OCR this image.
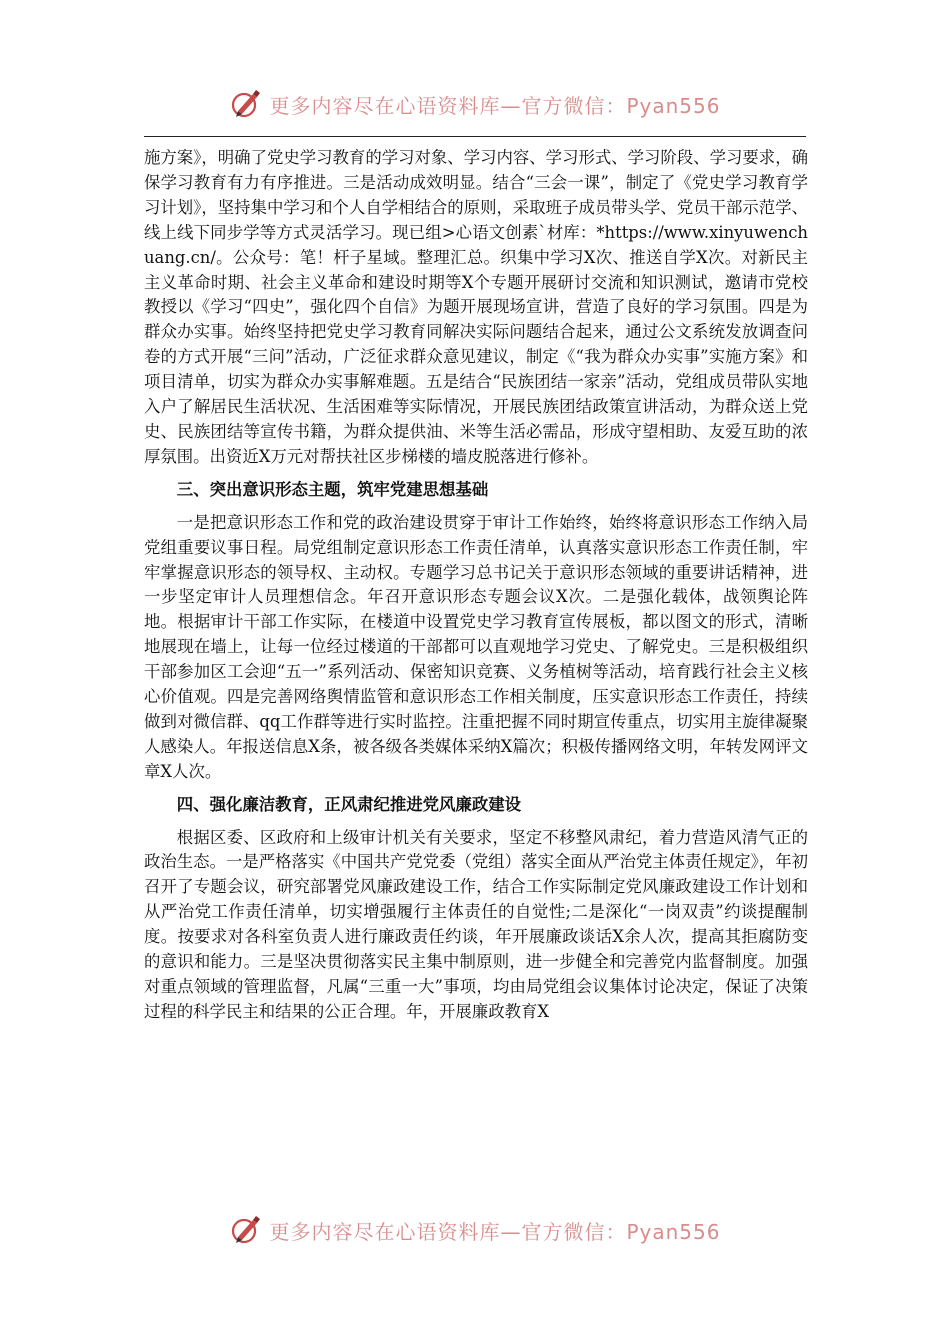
更多内容尽在心语资料库—官方微信：Pyan556

施方案》，明确了党史学习教育的学习对象、学习内容、学习形式、学习阶段、学习要求，确保学习教育有力有序推进。三是活动成效明显。结合“三会一课”，制定了《党史学习教育学习计划》，坚持集中学习和个人自学相结合的原则，采取班子成员带头学、党员干部示范学、线上线下同步学等方式灵活学习。现已组>心语文创素`材库：*https://www.xinyuwenchuang.cn/。公众号：笔！杆子星域。整理汇总。织集中学习X次、推送自学X次。对新民主主义革命时期、社会主义革命和建设时期等X个专题开展研讨交流和知识测试，邀请市党校教授以《学习“四史”，强化四个自信》为题开展现场宣讲，营造了良好的学习氛围。四是为群众办实事。始终坚持把党史学习教育同解决实际问题结合起来，通过公文系统发放调查问卷的方式开展“三问”活动，广泛征求群众意见建议，制定《“我为群众办实事”实施方案》和项目清单，切实为群众办实事解难题。五是结合“民族团结一家亲”活动，党组成员带队实地入户了解居民生活状况、生活困难等实际情况，开展民族团结政策宣讲活动，为群众送上党史、民族团结等宣传书籍，为群众提供油、米等生活必需品，形成守望相助、友爱互助的浓厚氛围。出资近X万元对帮扶社区步梯楼的墙皮脱落进行修补。

三、突出意识形态主题，筑牢党建思想基础

一是把意识形态工作和党的政治建设贯穿于审计工作始终，始终将意识形态工作纳入局党组重要议事日程。局党组制定意识形态工作责任清单，认真落实意识形态工作责任制，牢牢掌握意识形态的领导权、主动权。专题学习总书记关于意识形态领域的重要讲话精神，进一步坚定审计人员理想信念。年召开意识形态专题会议X次。二是强化载体，战领舆论阵地。根据审计干部工作实际，在楼道中设置党史学习教育宣传展板，都以图文的形式，清晰地展现在墙上，让每一位经过楼道的干部都可以直观地学习党史、了解党史。三是积极组织干部参加区工会迎“五一”系列活动、保密知识竞赛、义务植树等活动，培育践行社会主义核心价值观。四是完善网络舆情监管和意识形态工作相关制度，压实意识形态工作责任，持续做到对微信群、qq工作群等进行实时监控。注重把握不同时期宣传重点，切实用主旋律凝聚人感染人。年报送信息X条，被各级各类媒体采纳X篇次；积极传播网络文明，年转发网评文章X人次。

四、强化廉洁教育，正风肃纪推进党风廉政建设

根据区委、区政府和上级审计机关有关要求，坚定不移整风肃纪，着力营造风清气正的政治生态。一是严格落实《中国共产党党委（党组）落实全面从严治党主体责任规定》，年初召开了专题会议，研究部署党风廉政建设工作，结合工作实际制定党风廉政建设工作计划和从严治党工作责任清单，切实增强履行主体责任的自觉性;二是深化“一岗双责”约谈提醒制度。按要求对各科室负责人进行廉政责任约谈，年开展廉政谈话X余人次，提高其拒腐防变的意识和能力。三是坚决贯彻落实民主集中制原则，进一步健全和完善党内监督制度。加强对重点领域的管理监督，凡属“三重一大”事项，均由局党组会议集体讨论决定，保证了决策过程的科学民主和结果的公正合理。年，开展廉政教育X

更多内容尽在心语资料库—官方微信：Pyan556
